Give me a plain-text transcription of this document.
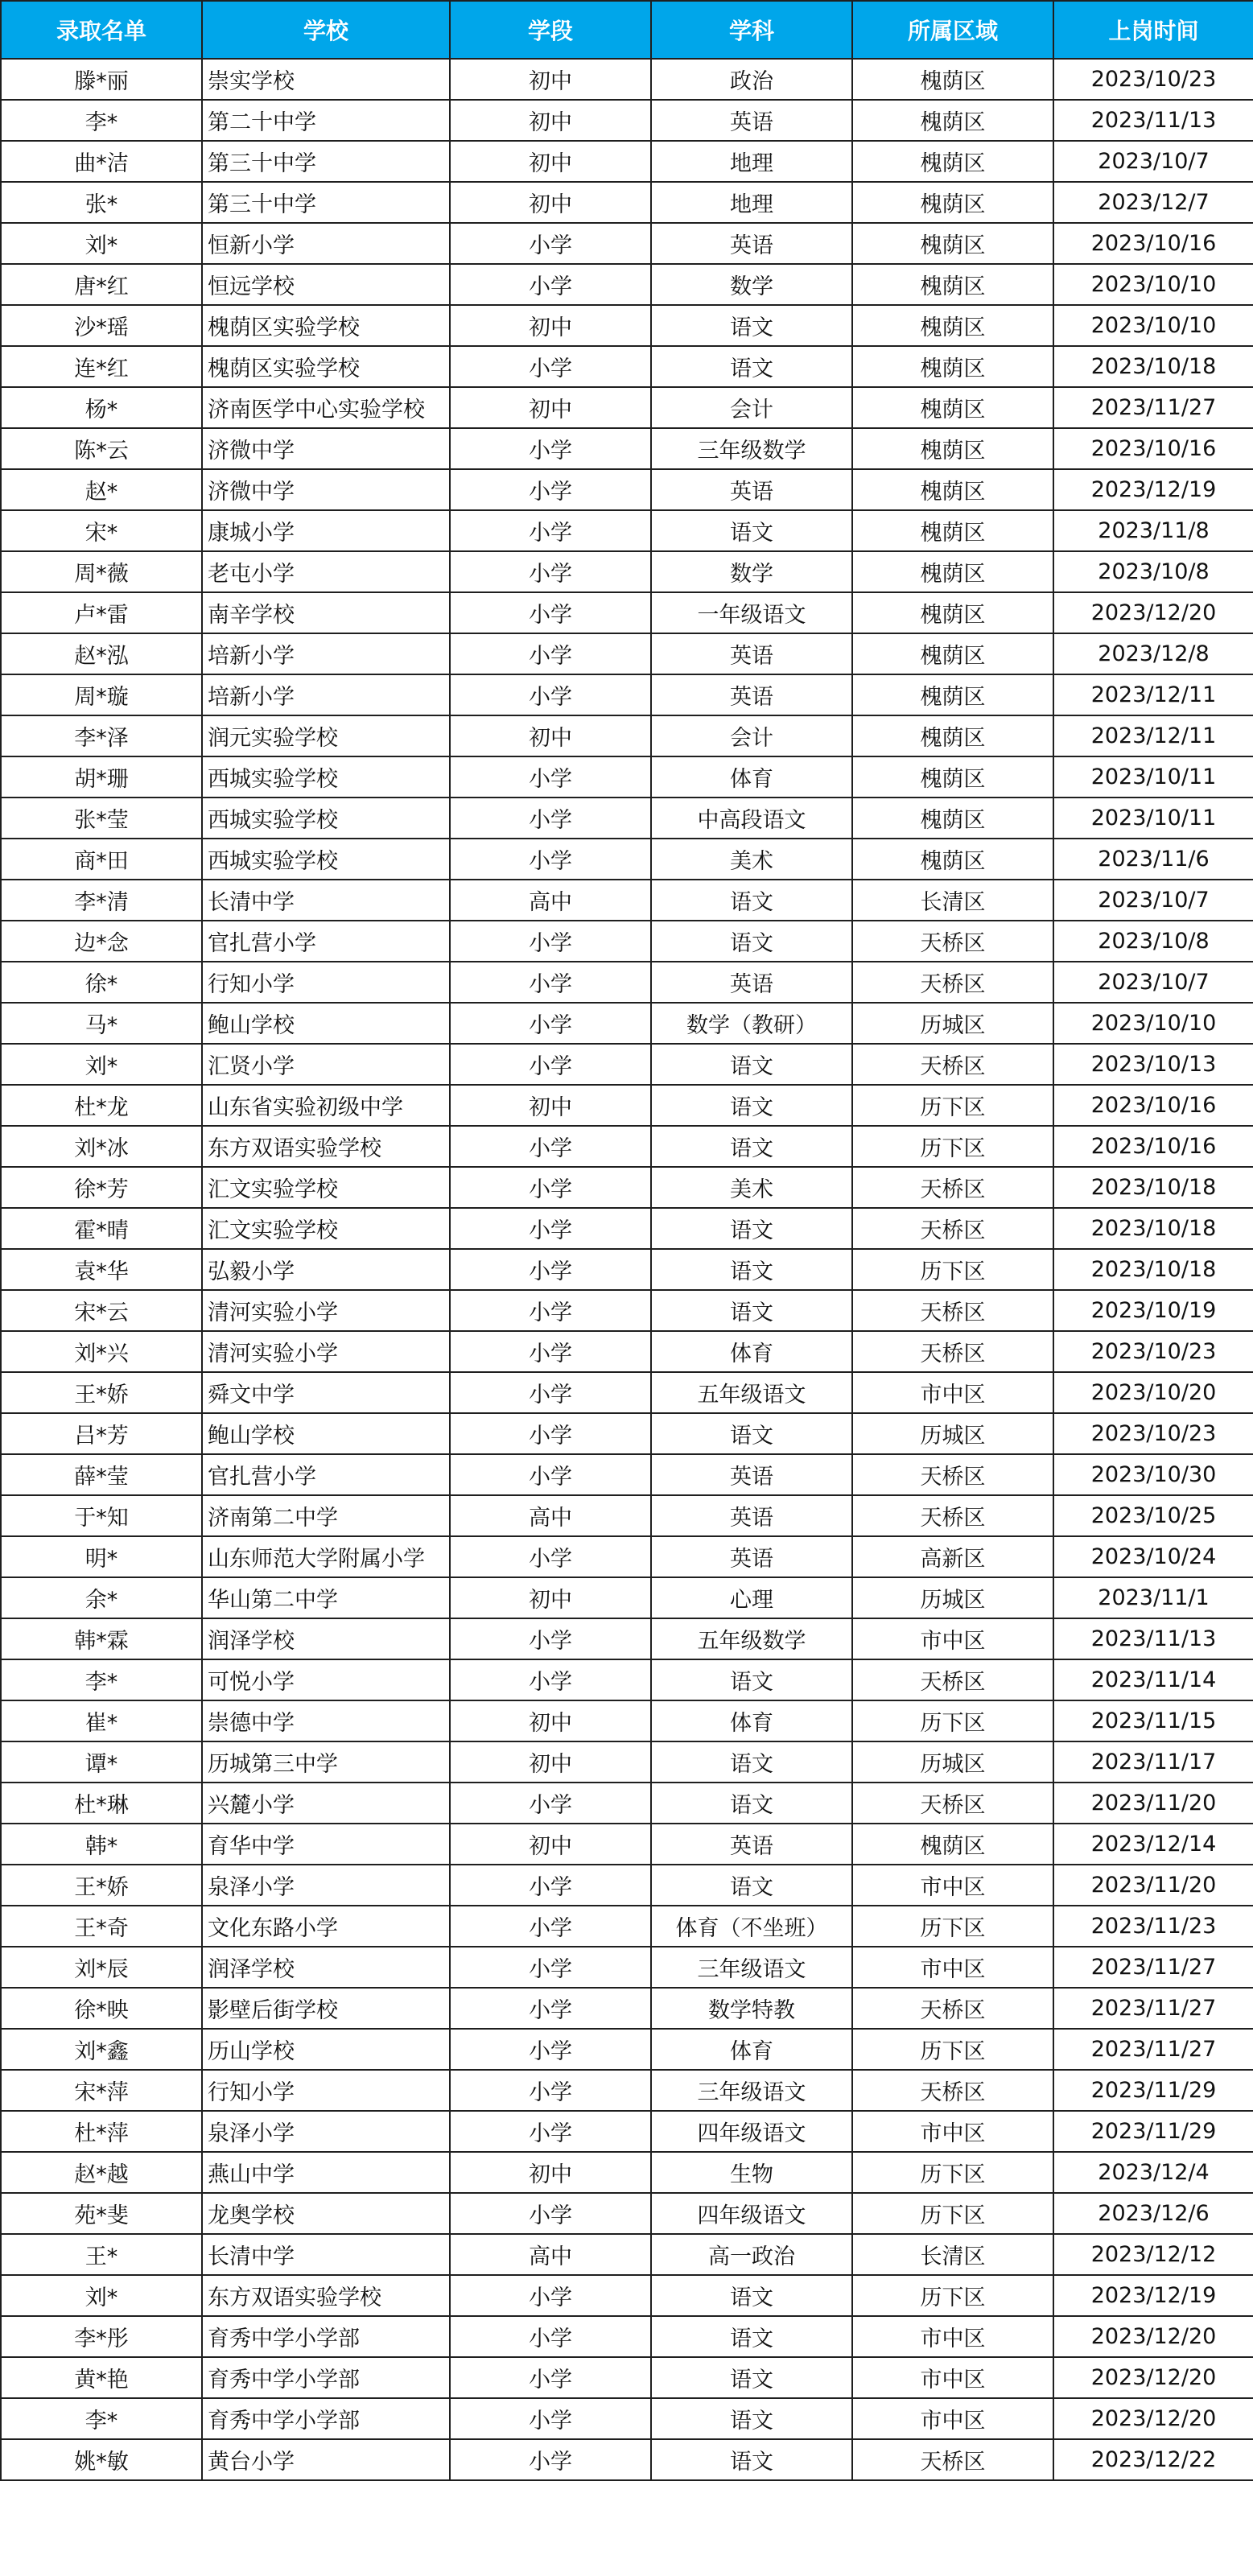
录取名单	学校	学段	学科	所属区域	上岗时间
滕*丽	崇实学校	初中	政治	槐荫区	2023/10/23
李*	第二十中学	初中	英语	槐荫区	2023/11/13
曲*洁	第三十中学	初中	地理	槐荫区	2023/10/7
张*	第三十中学	初中	地理	槐荫区	2023/12/7
刘*	恒新小学	小学	英语	槐荫区	2023/10/16
唐*红	恒远学校	小学	数学	槐荫区	2023/10/10
沙*瑶	槐荫区实验学校	初中	语文	槐荫区	2023/10/10
连*红	槐荫区实验学校	小学	语文	槐荫区	2023/10/18
杨*	济南医学中心实验学校	初中	会计	槐荫区	2023/11/27
陈*云	济微中学	小学	三年级数学	槐荫区	2023/10/16
赵*	济微中学	小学	英语	槐荫区	2023/12/19
宋*	康城小学	小学	语文	槐荫区	2023/11/8
周*薇	老屯小学	小学	数学	槐荫区	2023/10/8
卢*雷	南辛学校	小学	一年级语文	槐荫区	2023/12/20
赵*泓	培新小学	小学	英语	槐荫区	2023/12/8
周*璇	培新小学	小学	英语	槐荫区	2023/12/11
李*泽	润元实验学校	初中	会计	槐荫区	2023/12/11
胡*珊	西城实验学校	小学	体育	槐荫区	2023/10/11
张*莹	西城实验学校	小学	中高段语文	槐荫区	2023/10/11
商*田	西城实验学校	小学	美术	槐荫区	2023/11/6
李*清	长清中学	高中	语文	长清区	2023/10/7
边*念	官扎营小学	小学	语文	天桥区	2023/10/8
徐*	行知小学	小学	英语	天桥区	2023/10/7
马*	鲍山学校	小学	数学（教研）	历城区	2023/10/10
刘*	汇贤小学	小学	语文	天桥区	2023/10/13
杜*龙	山东省实验初级中学	初中	语文	历下区	2023/10/16
刘*冰	东方双语实验学校	小学	语文	历下区	2023/10/16
徐*芳	汇文实验学校	小学	美术	天桥区	2023/10/18
霍*晴	汇文实验学校	小学	语文	天桥区	2023/10/18
袁*华	弘毅小学	小学	语文	历下区	2023/10/18
宋*云	清河实验小学	小学	语文	天桥区	2023/10/19
刘*兴	清河实验小学	小学	体育	天桥区	2023/10/23
王*娇	舜文中学	小学	五年级语文	市中区	2023/10/20
吕*芳	鲍山学校	小学	语文	历城区	2023/10/23
薛*莹	官扎营小学	小学	英语	天桥区	2023/10/30
于*知	济南第二中学	高中	英语	天桥区	2023/10/25
明*	山东师范大学附属小学	小学	英语	高新区	2023/10/24
余*	华山第二中学	初中	心理	历城区	2023/11/1
韩*霖	润泽学校	小学	五年级数学	市中区	2023/11/13
李*	可悦小学	小学	语文	天桥区	2023/11/14
崔*	崇德中学	初中	体育	历下区	2023/11/15
谭*	历城第三中学	初中	语文	历城区	2023/11/17
杜*琳	兴麓小学	小学	语文	天桥区	2023/11/20
韩*	育华中学	初中	英语	槐荫区	2023/12/14
王*娇	泉泽小学	小学	语文	市中区	2023/11/20
王*奇	文化东路小学	小学	体育（不坐班）	历下区	2023/11/23
刘*辰	润泽学校	小学	三年级语文	市中区	2023/11/27
徐*映	影壁后街学校	小学	数学特教	天桥区	2023/11/27
刘*鑫	历山学校	小学	体育	历下区	2023/11/27
宋*萍	行知小学	小学	三年级语文	天桥区	2023/11/29
杜*萍	泉泽小学	小学	四年级语文	市中区	2023/11/29
赵*越	燕山中学	初中	生物	历下区	2023/12/4
苑*斐	龙奥学校	小学	四年级语文	历下区	2023/12/6
王*	长清中学	高中	高一政治	长清区	2023/12/12
刘*	东方双语实验学校	小学	语文	历下区	2023/12/19
李*彤	育秀中学小学部	小学	语文	市中区	2023/12/20
黄*艳	育秀中学小学部	小学	语文	市中区	2023/12/20
李*	育秀中学小学部	小学	语文	市中区	2023/12/20
姚*敏	黄台小学	小学	语文	天桥区	2023/12/22
